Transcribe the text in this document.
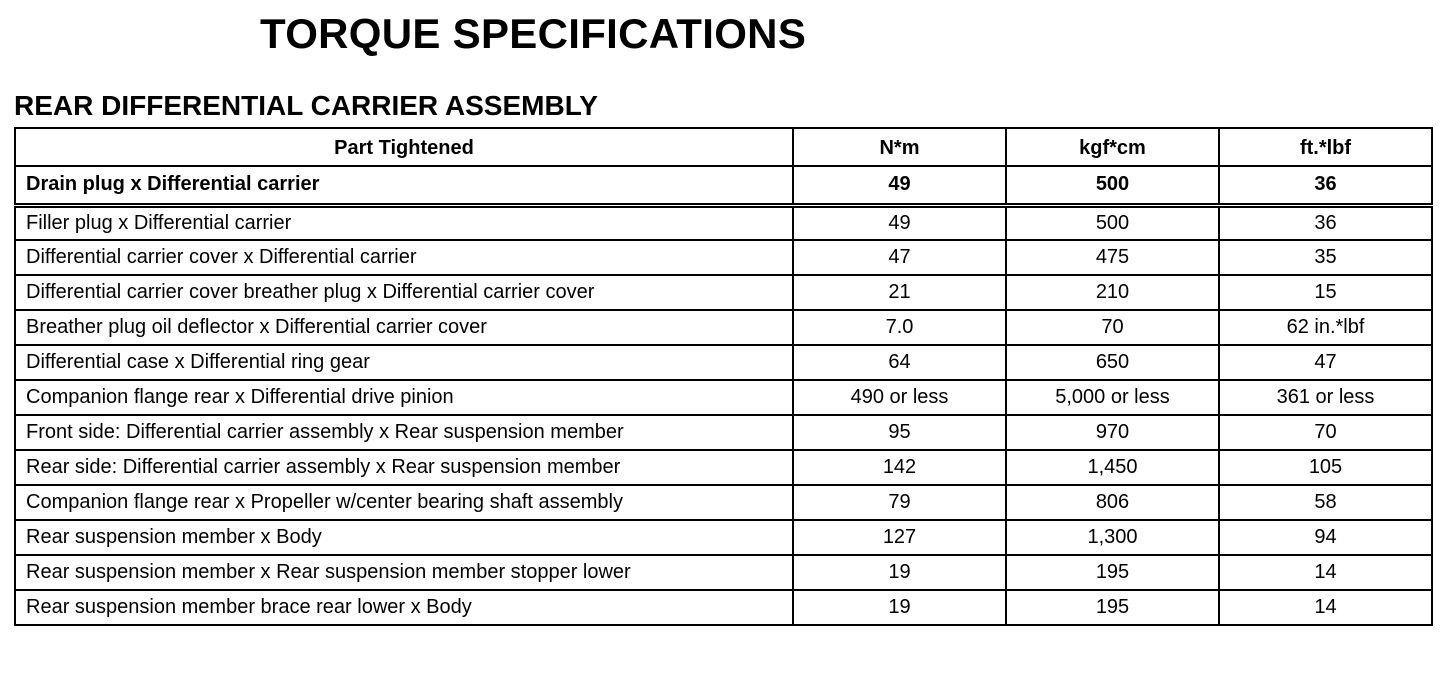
TORQUE SPECIFICATIONS
REAR DIFFERENTIAL CARRIER ASSEMBLY
Part Tightened	N*m	kgf*cm	ft.*lbf
Drain plug x Differential carrier	49	500	36
Filler plug x Differential carrier	49	500	36
Differential carrier cover x Differential carrier	47	475	35
Differential carrier cover breather plug x Differential carrier cover	21	210	15
Breather plug oil deflector x Differential carrier cover	7.0	70	62 in.*lbf
Differential case x Differential ring gear	64	650	47
Companion flange rear x Differential drive pinion	490 or less	5,000 or less	361 or less
Front side: Differential carrier assembly x Rear suspension member	95	970	70
Rear side: Differential carrier assembly x Rear suspension member	142	1,450	105
Companion flange rear x Propeller w/center bearing shaft assembly	79	806	58
Rear suspension member x Body	127	1,300	94
Rear suspension member x Rear suspension member stopper lower	19	195	14
Rear suspension member brace rear lower x Body	19	195	14
